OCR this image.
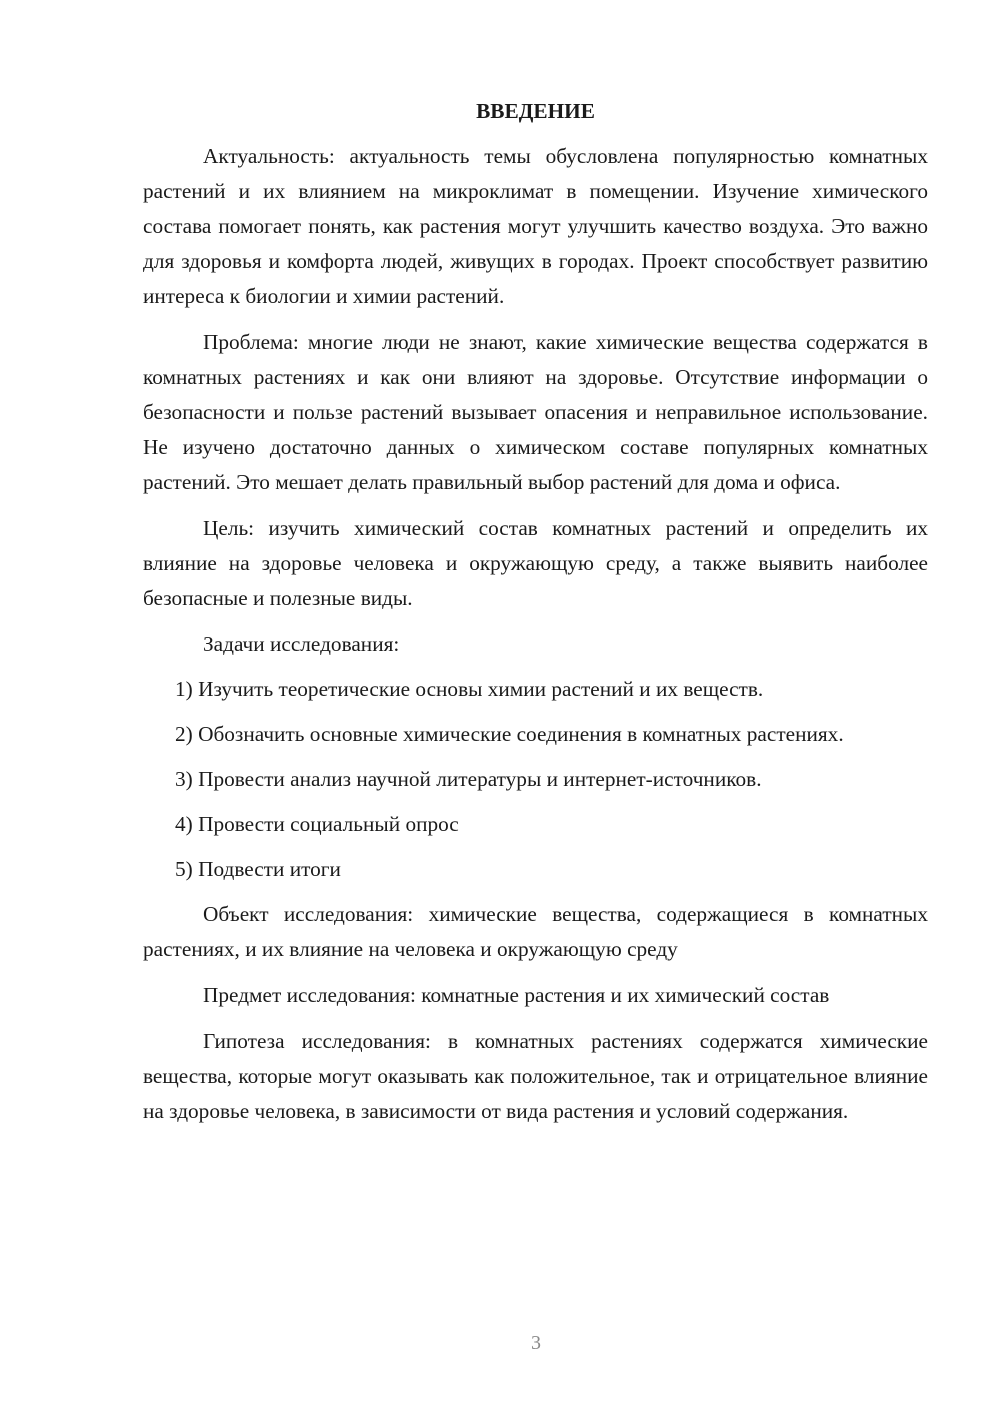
ВВЕДЕНИЕ

Актуальность: актуальность темы обусловлена популярностью комнатных растений и их влиянием на микроклимат в помещении. Изучение химического состава помогает понять, как растения могут улучшить качество воздуха. Это важно для здоровья и комфорта людей, живущих в городах. Проект способствует развитию интереса к биологии и химии растений.

Проблема: многие люди не знают, какие химические вещества содержатся в комнатных растениях и как они влияют на здоровье. Отсутствие информации о безопасности и пользе растений вызывает опасения и неправильное использование. Не изучено достаточно данных о химическом составе популярных комнатных растений. Это мешает делать правильный выбор растений для дома и офиса.

Цель: изучить химический состав комнатных растений и определить их влияние на здоровье человека и окружающую среду, а также выявить наиболее безопасные и полезные виды.

Задачи исследования:

1) Изучить теоретические основы химии растений и их веществ.

2) Обозначить основные химические соединения в комнатных растениях.

3) Провести анализ научной литературы и интернет-источников.

4) Провести социальный опрос

5) Подвести итоги

Объект исследования: химические вещества, содержащиеся в комнатных растениях, и их влияние на человека и окружающую среду

Предмет исследования: комнатные растения и их химический состав

Гипотеза исследования: в комнатных растениях содержатся химические вещества, которые могут оказывать как положительное, так и отрицательное влияние на здоровье человека, в зависимости от вида растения и условий содержания.

3
